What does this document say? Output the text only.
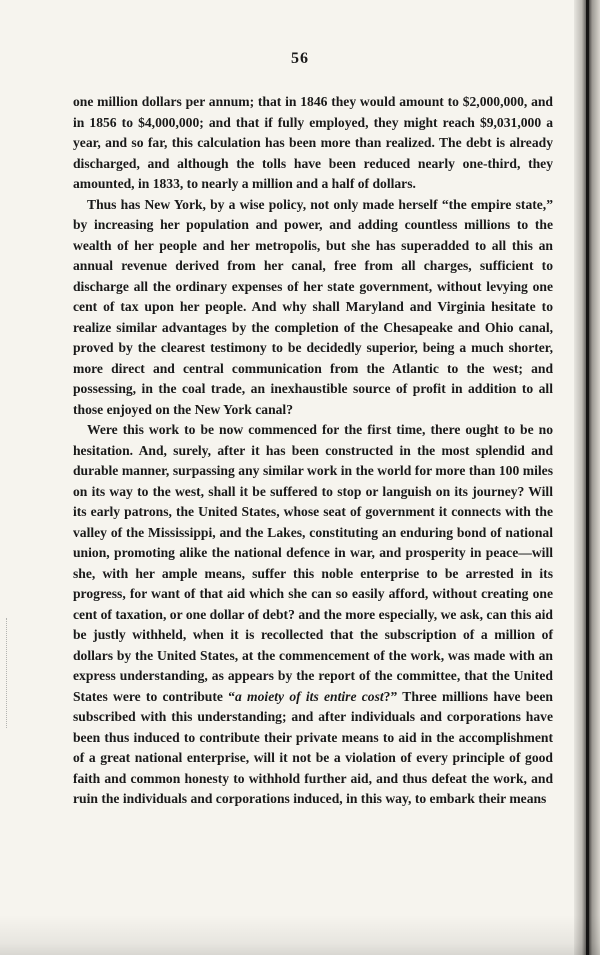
56

one million dollars per annum; that in 1846 they would amount to $2,000,000, and in 1856 to $4,000,000; and that if fully employed, they might reach $9,031,000 a year, and so far, this calculation has been more than realized. The debt is already discharged, and although the tolls have been reduced nearly one-third, they amounted, in 1833, to nearly a million and a half of dollars.

Thus has New York, by a wise policy, not only made herself “the empire state,” by increasing her population and power, and adding countless millions to the wealth of her people and her metropolis, but she has superadded to all this an annual revenue derived from her canal, free from all charges, sufficient to discharge all the ordinary expenses of her state government, without levying one cent of tax upon her people. And why shall Maryland and Virginia hesitate to realize similar advantages by the completion of the Chesapeake and Ohio canal, proved by the clearest testimony to be decidedly superior, being a much shorter, more direct and central communication from the Atlantic to the west; and possessing, in the coal trade, an inexhaustible source of profit in addition to all those enjoyed on the New York canal?

Were this work to be now commenced for the first time, there ought to be no hesitation. And, surely, after it has been constructed in the most splendid and durable manner, surpassing any similar work in the world for more than 100 miles on its way to the west, shall it be suffered to stop or languish on its journey? Will its early patrons, the United States, whose seat of government it connects with the valley of the Mississippi, and the Lakes, constituting an enduring bond of national union, promoting alike the national defence in war, and prosperity in peace—will she, with her ample means, suffer this noble enterprise to be arrested in its progress, for want of that aid which she can so easily afford, without creating one cent of taxation, or one dollar of debt? and the more especially, we ask, can this aid be justly withheld, when it is recollected that the subscription of a million of dollars by the United States, at the commencement of the work, was made with an express understanding, as appears by the report of the committee, that the United States were to contribute “a moiety of its entire cost?” Three millions have been subscribed with this understanding; and after individuals and corporations have been thus induced to contribute their private means to aid in the accomplishment of a great national enterprise, will it not be a violation of every principle of good faith and common honesty to withhold further aid, and thus defeat the work, and ruin the individuals and corporations induced, in this way, to embark their means
